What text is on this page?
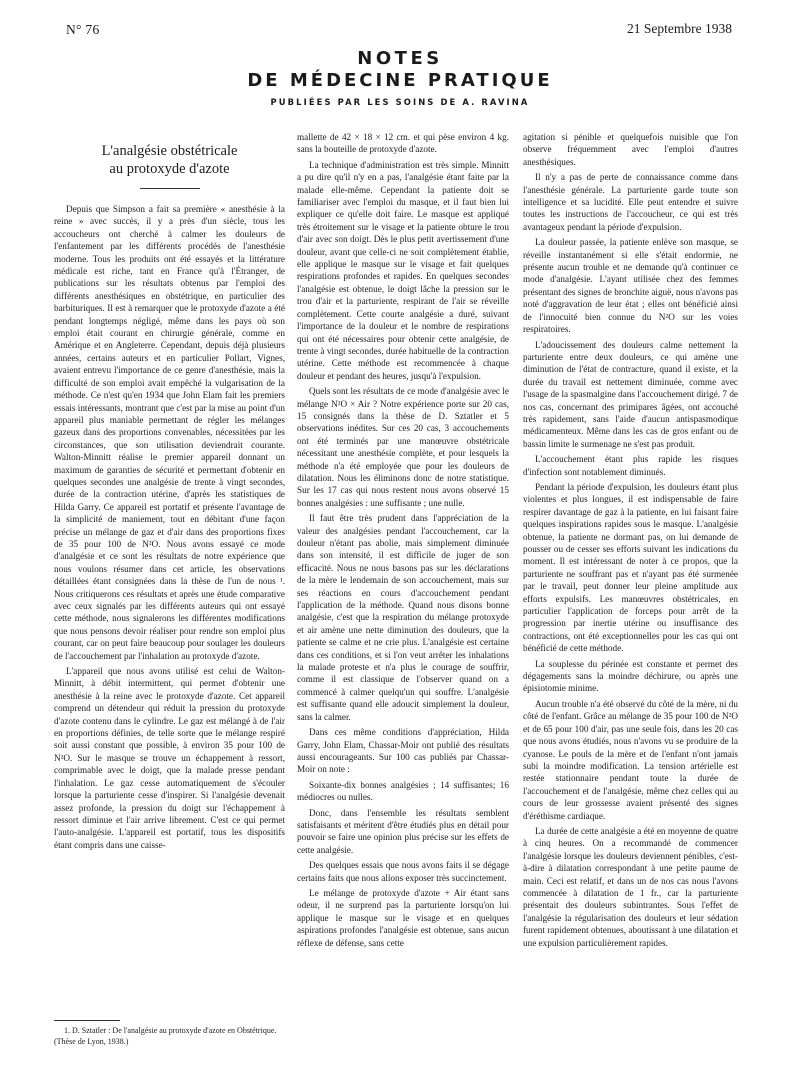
N° 76	21 Septembre 1938
NOTES
DE MÉDECINE PRATIQUE
PUBLIÉES PAR LES SOINS DE A. RAVINA
L'analgésie obstétricale
au protoxyde d'azote

Depuis que Simpson a fait sa première « anesthésie à la reine » avec succès, il y a près d'un siècle, tous les accoucheurs ont cherché à calmer les douleurs de l'enfantement par les différents procédés de l'anesthésie moderne. Tous les produits ont été essayés et la littérature médicale est riche, tant en France qu'à l'Étranger, de publications sur les résultats obtenus par l'emploi des différents anesthésiques en obstétrique, en particulier des barbituriques. Il est à remarquer que le protoxyde d'azote a été pendant longtemps négligé, même dans les pays où son emploi était courant en chirurgie générale, comme en Amérique et en Angleterre. Cependant, depuis déjà plusieurs années, certains auteurs et en particulier Pollart, Vignes, avaient entrevu l'importance de ce genre d'anesthésie, mais la difficulté de son emploi avait empêché la vulgarisation de la méthode. Ce n'est qu'en 1934 que John Elam fait les premiers essais intéressants, montrant que c'est par la mise au point d'un appareil plus maniable permettant de régler les mélanges gazeux dans des proportions convenables, nécessitées par les circonstances, que son utilisation deviendrait courante. Walton-Minnitt réalise le premier appareil donnant un maximum de garanties de sécurité et permettant d'obtenir en quelques secondes une analgésie de trente à vingt secondes, durée de la contraction utérine, d'après les statistiques de Hilda Garry. Ce appareil est portatif et présente l'avantage de la simplicité de maniement, tout en débitant d'une façon précise un mélange de gaz et d'air dans des proportions fixes de 35 pour 100 de N²O. Nous avons essayé ce mode d'analgésie et ce sont les résultats de notre expérience que nous voulons résumer dans cet article, les observations détaillées étant consignées dans la thèse de l'un de nous ¹. Nous critiquerons ces résultats et après une étude comparative avec ceux signalés par les différents auteurs qui ont essayé cette méthode, nous signalerons les différentes modifications que nous pensons devoir réaliser pour rendre son emploi plus courant, car on peut faire beaucoup pour soulager les douleurs de l'accouchement par l'inhalation au protoxyde d'azote.

L'appareil que nous avons utilisé est celui de Walton-Minnitt, à débit intermittent, qui permet d'obtenir une anesthésie à la reine avec le protoxyde d'azote. Cet appareil comprend un détendeur qui réduit la pression du protoxyde d'azote contenu dans le cylindre. Le gaz est mélangé à de l'air en proportions définies, de telle sorte que le mélange respiré soit aussi constant que possible, à environ 35 pour 100 de N²O. Sur le masque se trouve un échappement à ressort, comprimable avec le doigt, que la malade presse pendant l'inhalation. Le gaz cesse automatiquement de s'écouler lorsque la parturiente cesse d'inspirer. Si l'analgésie devenait assez profonde, la pression du doigt sur l'échappement à ressort diminue et l'air arrive librement. C'est ce qui permet l'auto-analgésie. L'appareil est portatif, tous les dispositifs étant compris dans une caisse-

1. D. Sztatler : De l'analgésie au protoxyde d'azote en Obstétrique. (Thèse de Lyon, 1938.)

mallette de 42 × 18 × 12 cm. et qui pèse environ 4 kg. sans la bouteille de protoxyde d'azote.

La technique d'administration est très simple. Minnitt a pu dire qu'il n'y en a pas, l'analgésie étant faite par la malade elle-même. Cependant la patiente doit se familiariser avec l'emploi du masque, et il faut bien lui expliquer ce qu'elle doit faire. Le masque est appliqué très étroitement sur le visage et la patiente obture le trou d'air avec son doigt. Dès le plus petit avertissement d'une douleur, avant que celle-ci ne soit complètement établie, elle applique le masque sur le visage et fait quelques respirations profondes et rapides. En quelques secondes l'analgésie est obtenue, le doigt lâche la pression sur le trou d'air et la parturiente, respirant de l'air se réveille complètement. Cette courte analgésie a duré, suivant l'importance de la douleur et le nombre de respirations qui ont été nécessaires pour obtenir cette analgésie, de trente à vingt secondes, durée habituelle de la contraction utérine. Cette méthode est recommencée à chaque douleur et pendant des heures, jusqu'à l'expulsion.

Quels sont les résultats de ce mode d'analgésie avec le mélange N²O × Air ? Notre expérience porte sur 20 cas, 15 consignés dans la thèse de D. Sztatler et 5 observations inédites. Sur ces 20 cas, 3 accouchements ont été terminés par une manœuvre obstétricale nécessitant une anesthésie complète, et pour lesquels la méthode n'a été employée que pour les douleurs de dilatation. Nous les éliminons donc de notre statistique. Sur les 17 cas qui nous restent nous avons observé 15 bonnes analgésies : une suffisante ; une nulle.

Il faut être très prudent dans l'appréciation de la valeur des analgésies pendant l'accouchement, car la douleur n'étant pas abolie, mais simplement diminuée dans son intensité, il est difficile de juger de son efficacité. Nous ne nous basons pas sur les déclarations de la mère le lendemain de son accouchement, mais sur ses réactions en cours d'accouchement pendant l'application de la méthode. Quand nous disons bonne analgésie, c'est que la respiration du mélange protoxyde et air amène une nette diminution des douleurs, que la patiente se calme et ne crie plus. L'analgésie est certaine dans ces conditions, et si l'on veut arrêter les inhalations la malade proteste et n'a plus le courage de souffrir, comme il est classique de l'observer quand on a commencé à calmer quelqu'un qui souffre. L'analgésie est suffisante quand elle adoucit simplement la douleur, sans la calmer.

Dans ces même conditions d'appréciation, Hilda Garry, John Elam, Chassar-Moir ont publié des résultats aussi encourageants. Sur 100 cas publiés par Chassar-Moir on note :

Soixante-dix bonnes analgésies ; 14 suffisantes; 16 médiocres ou nulles.

Donc, dans l'ensemble les résultats semblent satisfaisants et méritent d'être étudiés plus en détail pour pouvoir se faire une opinion plus précise sur les effets de cette analgésie.

Des quelques essais que nous avons faits il se dégage certains faits que nous allons exposer très succinctement.

Le mélange de protoxyde d'azote + Air étant sans odeur, il ne surprend pas la parturiente lorsqu'on lui applique le masque sur le visage et en quelques aspirations profondes l'analgésie est obtenue, sans aucun réflexe de défense, sans cette

agitation si pénible et quelquefois nuisible que l'on observe fréquemment avec l'emploi d'autres anesthésiques.

Il n'y a pas de perte de connaissance comme dans l'anesthésie générale. La parturiente garde toute son intelligence et sa lucidité. Elle peut entendre et suivre toutes les instructions de l'accoucheur, ce qui est très avantageux pendant la période d'expulsion.

La douleur passée, la patiente enlève son masque, se réveille instantanément si elle s'était endormie, ne présente aucun trouble et ne demande qu'à continuer ce mode d'analgésie. L'ayant utilisée chez des femmes présentant des signes de bronchite aiguë, nous n'avons pas noté d'aggravation de leur état ; elles ont bénéficié ainsi de l'innocuité bien connue du N²O sur les voies respiratoires.

L'adoucissement des douleurs calme nettement la parturiente entre deux douleurs, ce qui amène une diminution de l'état de contracture, quand il existe, et la durée du travail est nettement diminuée, comme avec l'usage de la spasmalgine dans l'accouchement dirigé. 7 de nos cas, concernant des primipares âgées, ont accouché très rapidement, sans l'aide d'aucun antispasmodique médicamenteux. Même dans les cas de gros enfant ou de bassin limite le surmenage ne s'est pas produit.

L'accouchement étant plus rapide les risques d'infection sont notablement diminués.

Pendant la période d'expulsion, les douleurs étant plus violentes et plus longues, il est indispensable de faire respirer davantage de gaz à la patiente, en lui faisant faire quelques inspirations rapides sous le masque. L'analgésie obtenue, la patiente ne dormant pas, on lui demande de pousser ou de cesser ses efforts suivant les indications du moment. Il est intéressant de noter à ce propos, que la parturiente ne souffrant pas et n'ayant pas été surmenée par le travail, peut donner leur pleine amplitude aux efforts expulsifs. Les manœuvres obstétricales, en particulier l'application de forceps pour arrêt de la progression par inertie utérine ou insuffisance des contractions, ont été exceptionnelles pour les cas qui ont bénéficié de cette méthode.

La souplesse du périnée est constante et permet des dégagements sans la moindre déchirure, ou après une épisiotomie minime.

Aucun trouble n'a été observé du côté de la mère, ni du côté de l'enfant. Grâce au mélange de 35 pour 100 de N²O et de 65 pour 100 d'air, pas une seule fois, dans les 20 cas que nous avons étudiés, nous n'avons vu se produire de la cyanose. Le pouls de la mère et de l'enfant n'ont jamais subi la moindre modification. La tension artérielle est restée stationnaire pendant toute la durée de l'accouchement et de l'analgésie, même chez celles qui au cours de leur grossesse avaient présenté des signes d'éréthisme cardiaque.

La durée de cette analgésie a été en moyenne de quatre à cinq heures. On a recommandé de commencer l'analgésie lorsque les douleurs deviennent pénibles, c'est-à-dire à dilatation correspondant à une petite paume de main. Ceci est relatif, et dans un de nos cas nous l'avons commencée à dilatation de 1 fr., car la parturiente présentait des douleurs subintrantes. Sous l'effet de l'analgésie la régularisation des douleurs et leur sédation furent rapidement obtenues, aboutissant à une dilatation et une expulsion particulièrement rapides.
